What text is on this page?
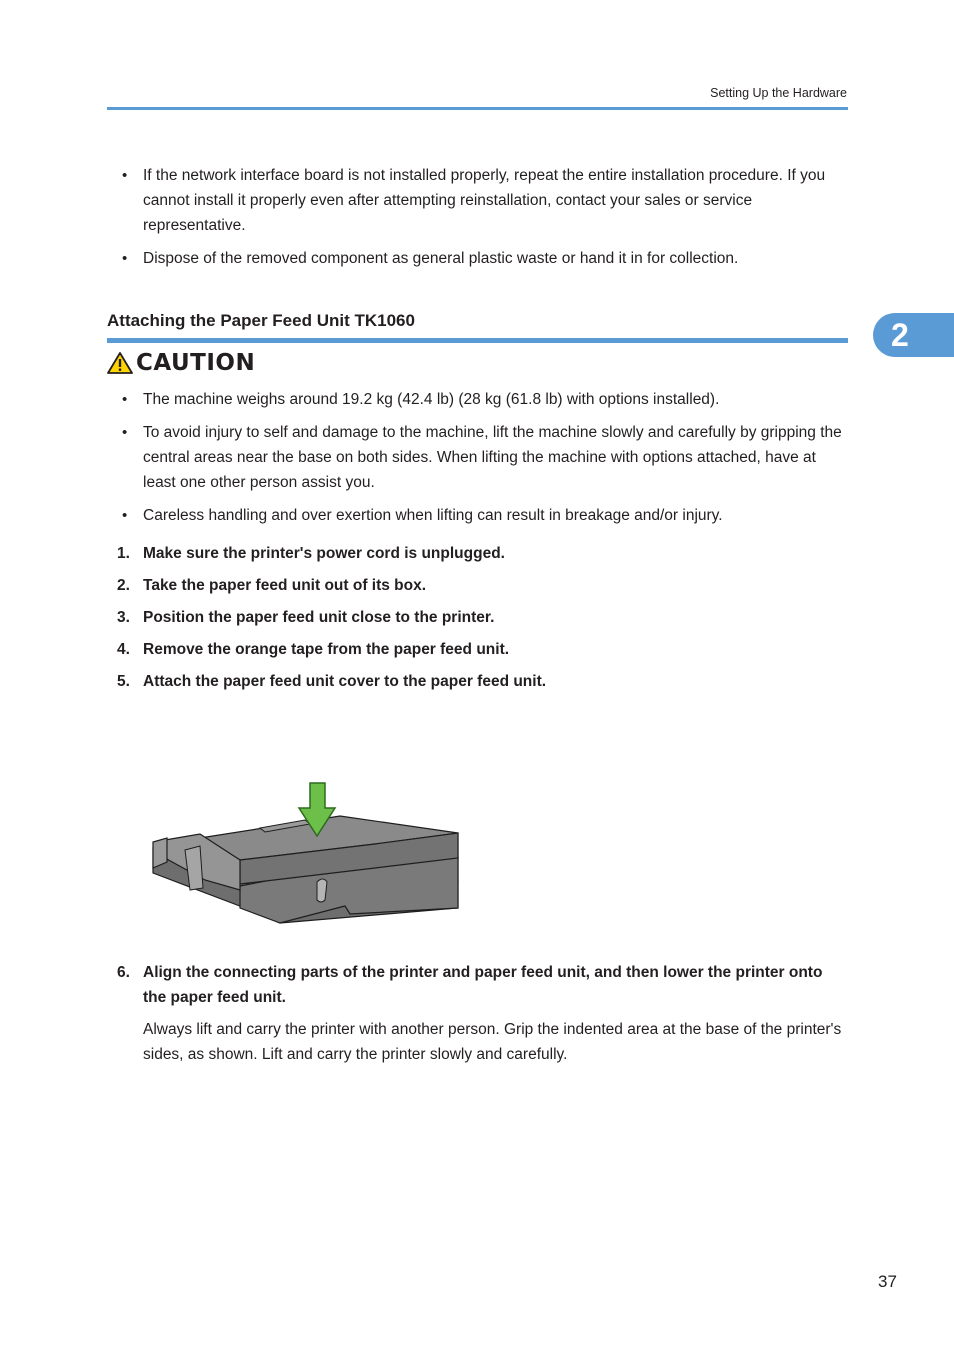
Setting Up the Hardware
• If the network interface board is not installed properly, repeat the entire installation procedure. If you cannot install it properly even after attempting reinstallation, contact your sales or service representative.
• Dispose of the removed component as general plastic waste or hand it in for collection.
Attaching the Paper Feed Unit TK1060	2
CAUTION
• The machine weighs around 19.2 kg (42.4 lb) (28 kg (61.8 lb) with options installed).
• To avoid injury to self and damage to the machine, lift the machine slowly and carefully by gripping the central areas near the base on both sides. When lifting the machine with options attached, have at least one other person assist you.
• Careless handling and over exertion when lifting can result in breakage and/or injury.
1. Make sure the printer's power cord is unplugged.
2. Take the paper feed unit out of its box.
3. Position the paper feed unit close to the printer.
4. Remove the orange tape from the paper feed unit.
5. Attach the paper feed unit cover to the paper feed unit.
6. Align the connecting parts of the printer and paper feed unit, and then lower the printer onto the paper feed unit.
Always lift and carry the printer with another person. Grip the indented area at the base of the printer's sides, as shown. Lift and carry the printer slowly and carefully.
37
